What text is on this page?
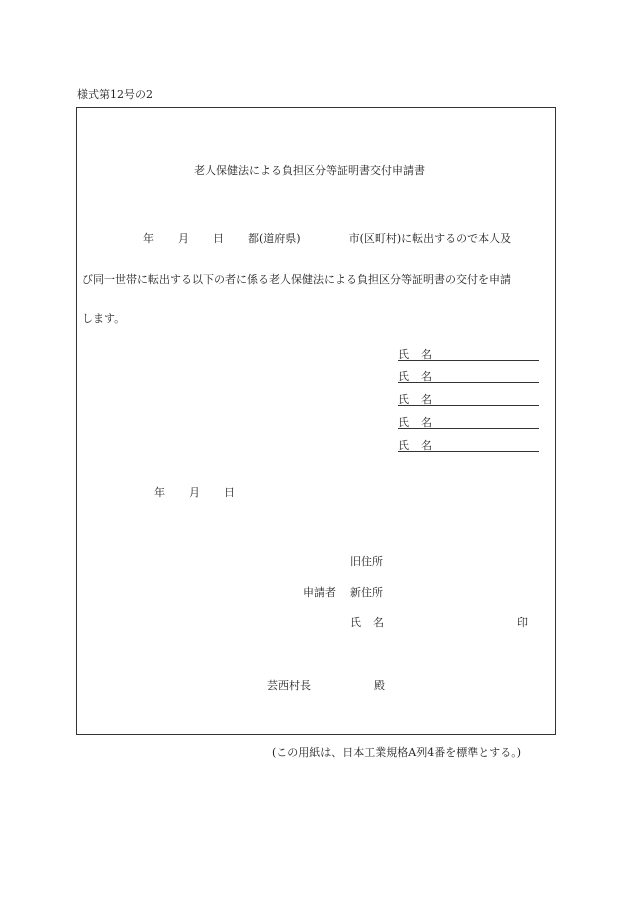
様式第12号の2
老人保健法による負担区分等証明書交付申請書
年 月 日 都(道府県)	市(区町村)に転出するので本人及
び同一世帯に転出する以下の者に係る老人保健法による負担区分等証明書の交付を申請
します。
氏 名
氏 名
氏 名
氏 名
氏 名
年 月 日
旧住所
申請者 新住所
氏 名	印
芸西村長	殿
(この用紙は、日本工業規格A列4番を標準とする。)
